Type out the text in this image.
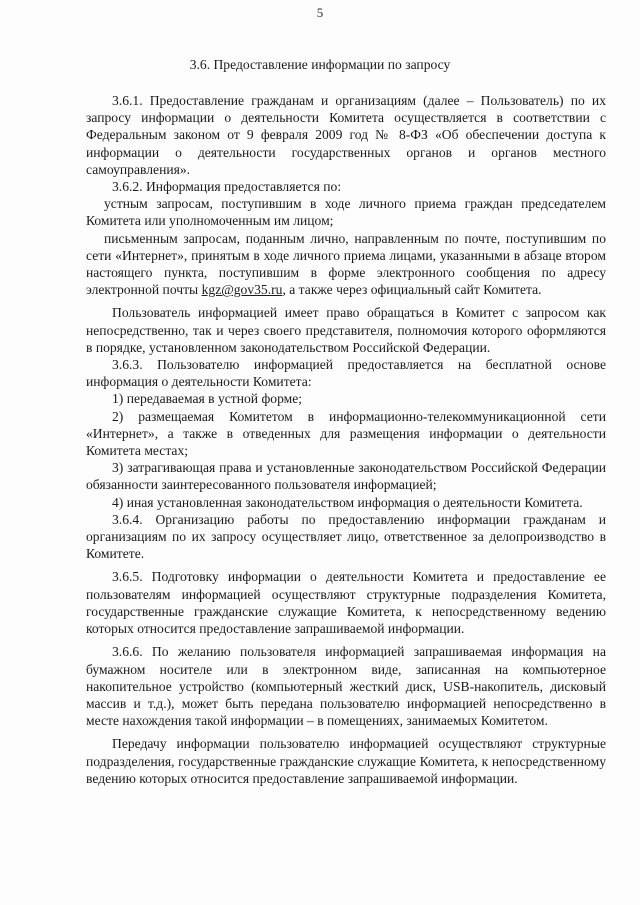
5
3.6. Предоставление информации по запросу

3.6.1. Предоставление гражданам и организациям (далее – Пользователь) по их запросу информации о деятельности Комитета осуществляется в соответствии с Федеральным законом от 9 февраля 2009 год № 8-ФЗ «Об обеспечении доступа к информации о деятельности государственных органов и органов местного самоуправления».

3.6.2. Информация предоставляется по:

устным запросам, поступившим в ходе личного приема граждан председателем Комитета или уполномоченным им лицом;

письменным запросам, поданным лично, направленным по почте, поступившим по сети «Интернет», принятым в ходе личного приема лицами, указанными в абзаце втором настоящего пункта, поступившим в форме электронного сообщения по адресу электронной почты kgz@gov35.ru, а также через официальный сайт Комитета.

Пользователь информацией имеет право обращаться в Комитет с запросом как непосредственно, так и через своего представителя, полномочия которого оформляются в порядке, установленном законодательством Российской Федерации.

3.6.3. Пользователю информацией предоставляется на бесплатной основе информация о деятельности Комитета:

1) передаваемая в устной форме;

2) размещаемая Комитетом в информационно-телекоммуникационной сети «Интернет», а также в отведенных для размещения информации о деятельности Комитета местах;

3) затрагивающая права и установленные законодательством Российской Федерации обязанности заинтересованного пользователя информацией;

4) иная установленная законодательством информация о деятельности Комитета.

3.6.4. Организацию работы по предоставлению информации гражданам и организациям по их запросу осуществляет лицо, ответственное за делопроизводство в Комитете.

3.6.5. Подготовку информации о деятельности Комитета и предоставление ее пользователям информацией осуществляют структурные подразделения Комитета, государственные гражданские служащие Комитета, к непосредственному ведению которых относится предоставление запрашиваемой информации.

3.6.6. По желанию пользователя информацией запрашиваемая информация на бумажном носителе или в электронном виде, записанная на компьютерное накопительное устройство (компьютерный жесткий диск, USB-накопитель, дисковый массив и т.д.), может быть передана пользователю информацией непосредственно в месте нахождения такой информации – в помещениях, занимаемых Комитетом.

Передачу информации пользователю информацией осуществляют структурные подразделения, государственные гражданские служащие Комитета, к непосредственному ведению которых относится предоставление запрашиваемой информации.
